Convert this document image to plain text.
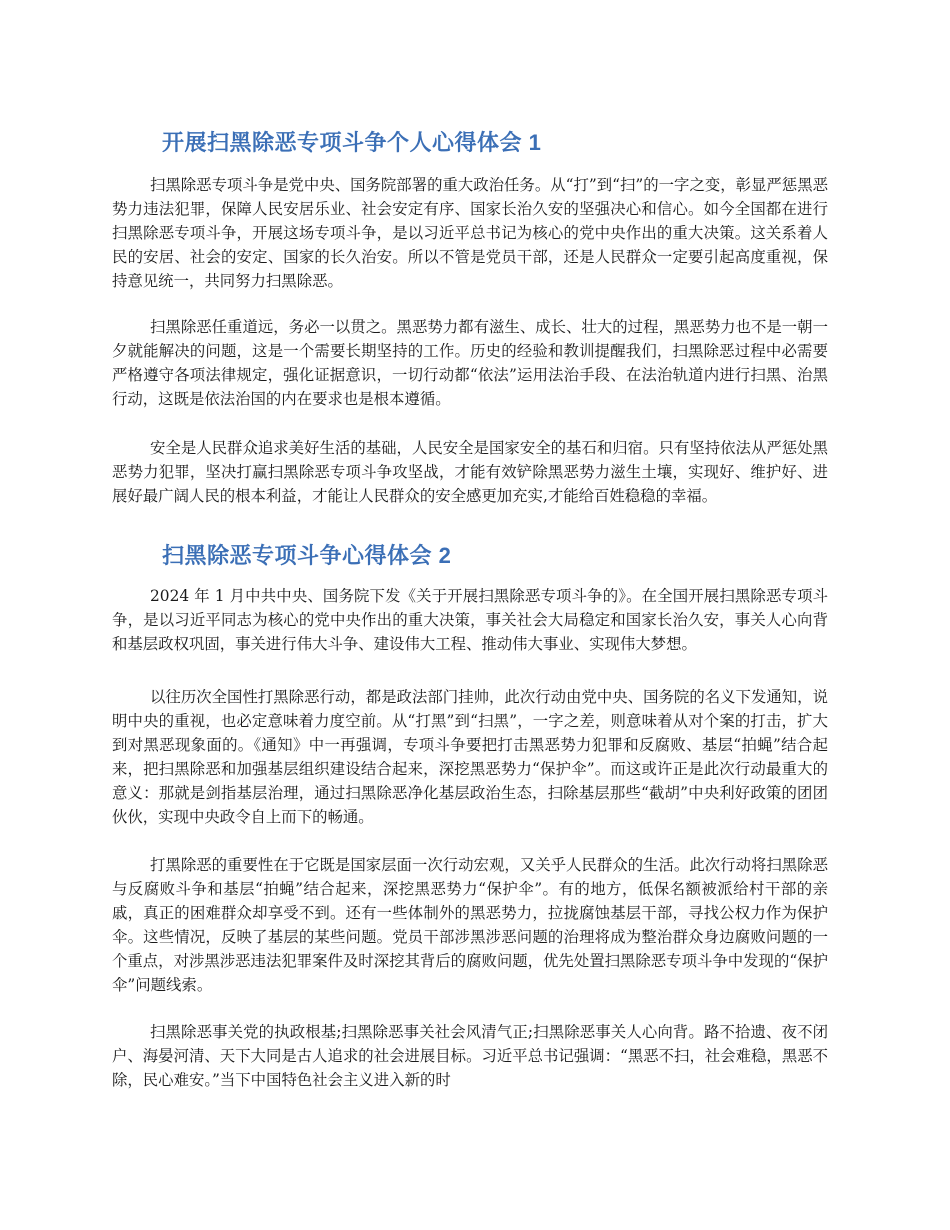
开展扫黑除恶专项斗争个人心得体会 1

扫黑除恶专项斗争是党中央、国务院部署的重大政治任务。从“打”到“扫”的一字之变，彰显严惩黑恶势力违法犯罪，保障人民安居乐业、社会安定有序、国家长治久安的坚强决心和信心。如今全国都在进行扫黑除恶专项斗争，开展这场专项斗争，是以习近平总书记为核心的党中央作出的重大决策。这关系着人民的安居、社会的安定、国家的长久治安。所以不管是党员干部，还是人民群众一定要引起高度重视，保持意见统一，共同努力扫黑除恶。

扫黑除恶任重道远，务必一以贯之。黑恶势力都有滋生、成长、壮大的过程，黑恶势力也不是一朝一夕就能解决的问题，这是一个需要长期坚持的工作。历史的经验和教训提醒我们，扫黑除恶过程中必需要严格遵守各项法律规定，强化证据意识，一切行动都“依法”运用法治手段、在法治轨道内进行扫黑、治黑行动，这既是依法治国的内在要求也是根本遵循。

安全是人民群众追求美好生活的基础，人民安全是国家安全的基石和归宿。只有坚持依法从严惩处黑恶势力犯罪，坚决打赢扫黑除恶专项斗争攻坚战，才能有效铲除黑恶势力滋生土壤，实现好、维护好、进展好最广阔人民的根本利益，才能让人民群众的安全感更加充实,才能给百姓稳稳的幸福。

扫黑除恶专项斗争心得体会 2

2024 年 1 月中共中央、国务院下发《关于开展扫黑除恶专项斗争的》。在全国开展扫黑除恶专项斗争，是以习近平同志为核心的党中央作出的重大决策，事关社会大局稳定和国家长治久安，事关人心向背和基层政权巩固，事关进行伟大斗争、建设伟大工程、推动伟大事业、实现伟大梦想。

以往历次全国性打黑除恶行动，都是政法部门挂帅，此次行动由党中央、国务院的名义下发通知，说明中央的重视，也必定意味着力度空前。从“打黑”到“扫黑”，一字之差，则意味着从对个案的打击，扩大到对黑恶现象面的。《通知》中一再强调，专项斗争要把打击黑恶势力犯罪和反腐败、基层“拍蝇”结合起来，把扫黑除恶和加强基层组织建设结合起来，深挖黑恶势力“保护伞”。而这或许正是此次行动最重大的意义：那就是剑指基层治理，通过扫黑除恶净化基层政治生态，扫除基层那些“截胡”中央利好政策的团团伙伙，实现中央政令自上而下的畅通。

打黑除恶的重要性在于它既是国家层面一次行动宏观，又关乎人民群众的生活。此次行动将扫黑除恶与反腐败斗争和基层“拍蝇”结合起来，深挖黑恶势力“保护伞”。有的地方，低保名额被派给村干部的亲戚，真正的困难群众却享受不到。还有一些体制外的黑恶势力，拉拢腐蚀基层干部，寻找公权力作为保护伞。这些情况，反映了基层的某些问题。党员干部涉黑涉恶问题的治理将成为整治群众身边腐败问题的一个重点，对涉黑涉恶违法犯罪案件及时深挖其背后的腐败问题，优先处置扫黑除恶专项斗争中发现的“保护伞”问题线索。

扫黑除恶事关党的执政根基;扫黑除恶事关社会风清气正;扫黑除恶事关人心向背。路不拾遗、夜不闭户、海晏河清、天下大同是古人追求的社会进展目标。习近平总书记强调：“黑恶不扫，社会难稳，黑恶不除，民心难安。”当下中国特色社会主义进入新的时
